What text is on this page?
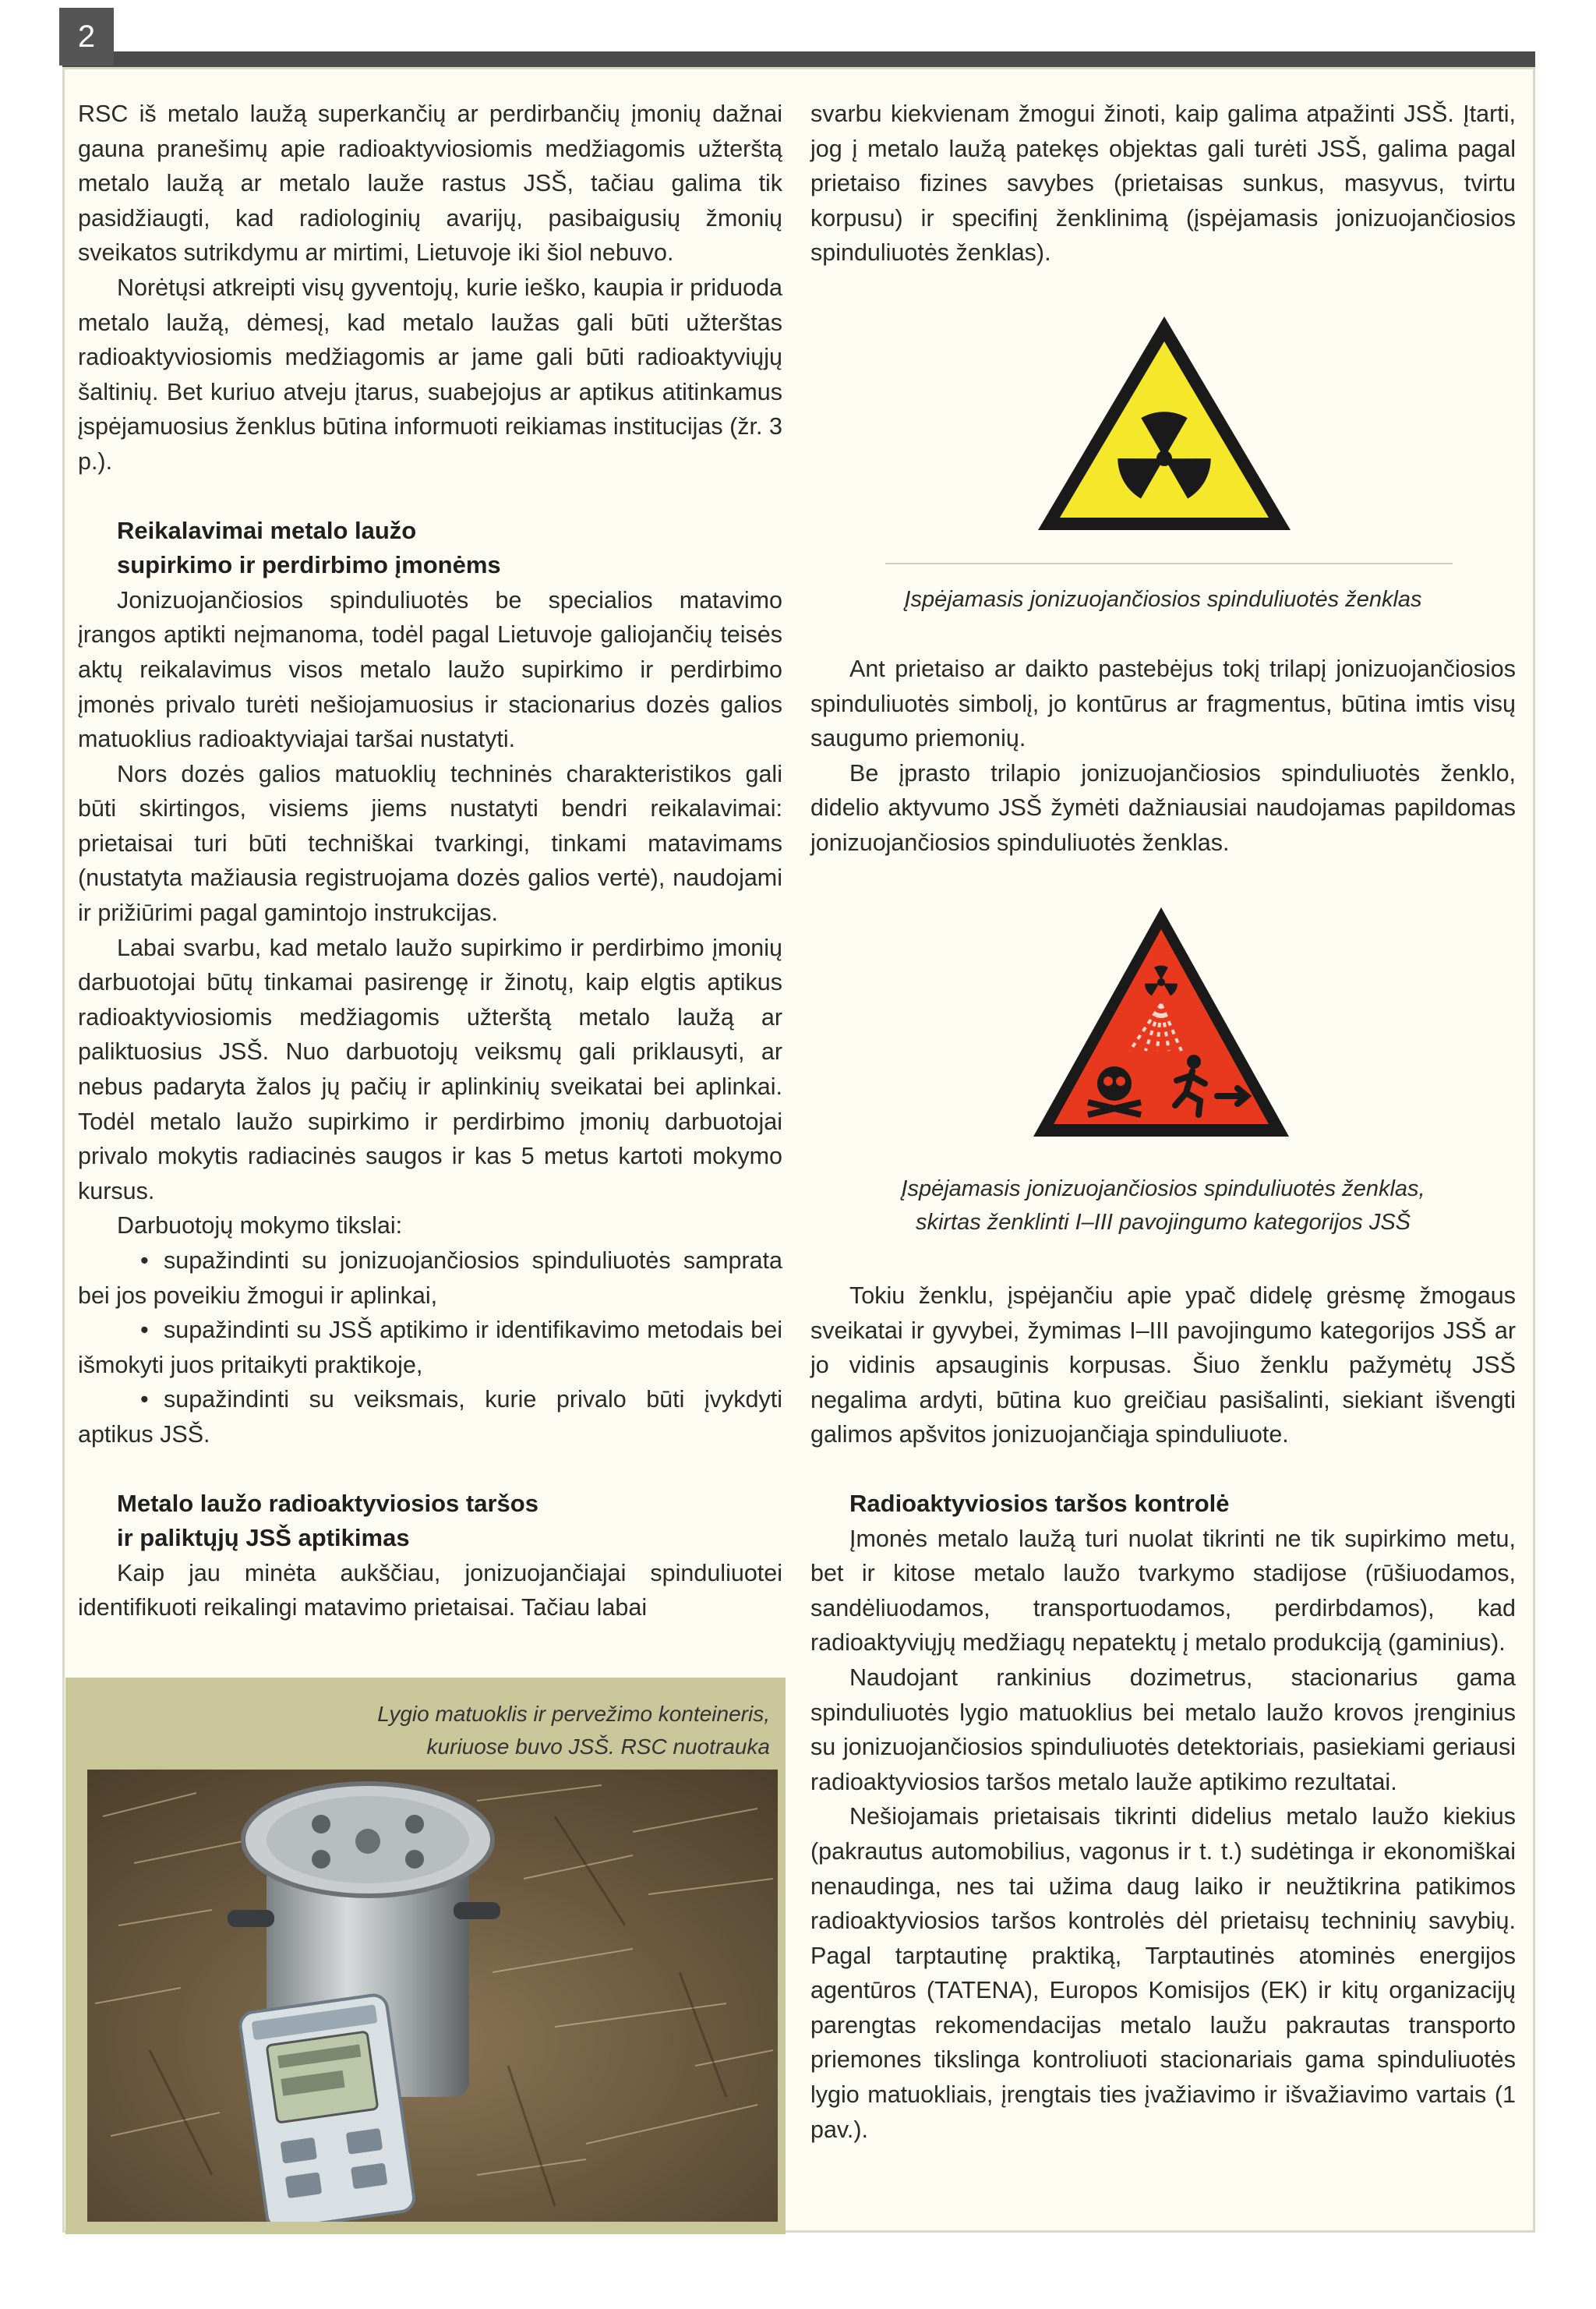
2

RSC iš metalo laužą superkančių ar perdirbančių įmonių dažnai gauna pranešimų apie radioaktyviosiomis medžiagomis užterštą metalo laužą ar metalo lauže rastus JSŠ, tačiau galima tik pasidžiaugti, kad radiologinių avarijų, pasibaigusių žmonių sveikatos sutrikdymu ar mirtimi, Lietuvoje iki šiol nebuvo.

Norėtųsi atkreipti visų gyventojų, kurie ieško, kaupia ir priduoda metalo laužą, dėmesį, kad metalo laužas gali būti užterštas radioaktyviosiomis medžiagomis ar jame gali būti radioaktyviųjų šaltinių. Bet kuriuo atveju įtarus, suabejojus ar aptikus atitinkamus įspėjamuosius ženklus būtina informuoti reikiamas institucijas (žr. 3 p.).

Reikalavimai metalo laužo
supirkimo ir perdirbimo įmonėms

Jonizuojančiosios spinduliuotės be specialios matavimo įrangos aptikti neįmanoma, todėl pagal Lietuvoje galiojančių teisės aktų reikalavimus visos metalo laužo supirkimo ir perdirbimo įmonės privalo turėti nešiojamuosius ir stacionarius dozės galios matuoklius radioaktyviajai taršai nustatyti.

Nors dozės galios matuoklių techninės charakteristikos gali būti skirtingos, visiems jiems nustatyti bendri reikalavimai: prietaisai turi būti techniškai tvarkingi, tinkami matavimams (nustatyta mažiausia registruojama dozės galios vertė), naudojami ir prižiūrimi pagal gamintojo instrukcijas.

Labai svarbu, kad metalo laužo supirkimo ir perdirbimo įmonių darbuotojai būtų tinkamai pasirengę ir žinotų, kaip elgtis aptikus radioaktyviosiomis medžiagomis užterštą metalo laužą ar paliktuosius JSŠ. Nuo darbuotojų veiksmų gali priklausyti, ar nebus padaryta žalos jų pačių ir aplinkinių sveikatai bei aplinkai. Todėl metalo laužo supirkimo ir perdirbimo įmonių darbuotojai privalo mokytis radiacinės saugos ir kas 5 metus kartoti mokymo kursus.

Darbuotojų mokymo tikslai:

• supažindinti su jonizuojančiosios spinduliuotės samprata bei jos poveikiu žmogui ir aplinkai,
• supažindinti su JSŠ aptikimo ir identifikavimo metodais bei išmokyti juos pritaikyti praktikoje,
• supažindinti su veiksmais, kurie privalo būti įvykdyti aptikus JSŠ.
Metalo laužo radioaktyviosios taršos
ir paliktųjų JSŠ aptikimas

Kaip jau minėta aukščiau, jonizuojančiajai spinduliuotei identifikuoti reikalingi matavimo prietaisai. Tačiau labai

Lygio matuoklis ir pervežimo konteineris,
kuriuose buvo JSŠ. RSC nuotrauka

svarbu kiekvienam žmogui žinoti, kaip galima atpažinti JSŠ. Įtarti, jog į metalo laužą patekęs objektas gali turėti JSŠ, galima pagal prietaiso fizines savybes (prietaisas sunkus, masyvus, tvirtu korpusu) ir specifinį ženklinimą (įspėjamasis jonizuojančiosios spinduliuotės ženklas).

Įspėjamasis jonizuojančiosios spinduliuotės ženklas

Ant prietaiso ar daikto pastebėjus tokį trilapį jonizuojančiosios spinduliuotės simbolį, jo kontūrus ar fragmentus, būtina imtis visų saugumo priemonių.

Be įprasto trilapio jonizuojančiosios spinduliuotės ženklo, didelio aktyvumo JSŠ žymėti dažniausiai naudojamas papildomas jonizuojančiosios spinduliuotės ženklas.

Įspėjamasis jonizuojančiosios spinduliuotės ženklas,
skirtas ženklinti I–III pavojingumo kategorijos JSŠ

Tokiu ženklu, įspėjančiu apie ypač didelę grėsmę žmogaus sveikatai ir gyvybei, žymimas I–III pavojingumo kategorijos JSŠ ar jo vidinis apsauginis korpusas. Šiuo ženklu pažymėtų JSŠ negalima ardyti, būtina kuo greičiau pasišalinti, siekiant išvengti galimos apšvitos jonizuojančiąja spinduliuote.

Radioaktyviosios taršos kontrolė

Įmonės metalo laužą turi nuolat tikrinti ne tik supirkimo metu, bet ir kitose metalo laužo tvarkymo stadijose (rūšiuodamos, sandėliuodamos, transportuodamos, perdirbdamos), kad radioaktyviųjų medžiagų nepatektų į metalo produkciją (gaminius).

Naudojant rankinius dozimetrus, stacionarius gama spinduliuotės lygio matuoklius bei metalo laužo krovos įrenginius su jonizuojančiosios spinduliuotės detektoriais, pasiekiami geriausi radioaktyviosios taršos metalo lauže aptikimo rezultatai.

Nešiojamais prietaisais tikrinti didelius metalo laužo kiekius (pakrautus automobilius, vagonus ir t. t.) sudėtinga ir ekonomiškai nenaudinga, nes tai užima daug laiko ir neužtikrina patikimos radioaktyviosios taršos kontrolės dėl prietaisų techninių savybių. Pagal tarptautinę praktiką, Tarptautinės atominės energijos agentūros (TATENA), Europos Komisijos (EK) ir kitų organizacijų parengtas rekomendacijas metalo laužu pakrautas transporto priemones tikslinga kontroliuoti stacionariais gama spinduliuotės lygio matuokliais, įrengtais ties įvažiavimo ir išvažiavimo vartais (1 pav.).
